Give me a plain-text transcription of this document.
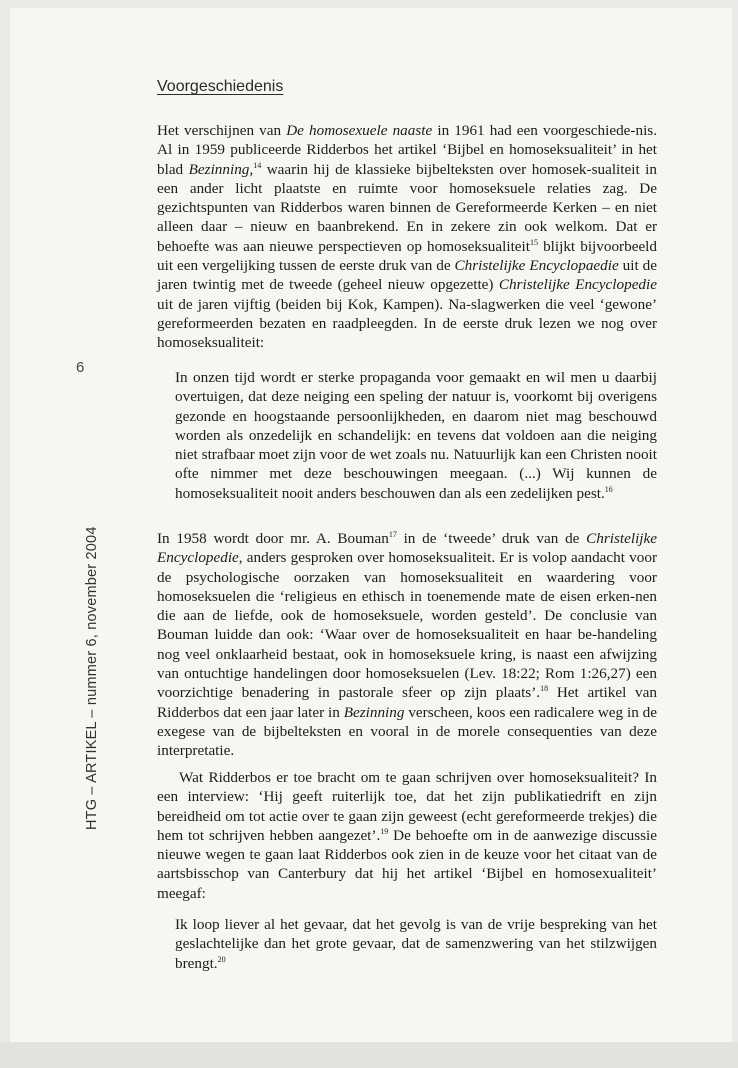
Voorgeschiedenis

Het verschijnen van De homosexuele naaste in 1961 had een voorgeschiede-nis. Al in 1959 publiceerde Ridderbos het artikel ‘Bijbel en homoseksualiteit’ in het blad Bezinning,$^{14}$ waarin hij de klassieke bijbelteksten over homosek-sualiteit in een ander licht plaatste en ruimte voor homoseksuele relaties zag. De gezichtspunten van Ridderbos waren binnen de Gereformeerde Kerken – en niet alleen daar – nieuw en baanbrekend. En in zekere zin ook welkom. Dat er behoefte was aan nieuwe perspectieven op homoseksualiteit$^{15}$ blijkt bijvoorbeeld uit een vergelijking tussen de eerste druk van de Christelijke Encyclopaedie uit de jaren twintig met de tweede (geheel nieuw opgezette) Christelijke Encyclopedie uit de jaren vijftig (beiden bij Kok, Kampen). Na-slagwerken die veel ‘gewone’ gereformeerden bezaten en raadpleegden. In de eerste druk lezen we nog over homoseksualiteit:

In onzen tijd wordt er sterke propaganda voor gemaakt en wil men u daarbij overtuigen, dat deze neiging een speling der natuur is, voorkomt bij overigens gezonde en hoogstaande persoonlijkheden, en daarom niet mag beschouwd worden als onzedelijk en schandelijk: en tevens dat voldoen aan die neiging niet strafbaar moet zijn voor de wet zoals nu. Natuurlijk kan een Christen nooit ofte nimmer met deze beschouwingen meegaan. (...) Wij kunnen de homoseksualiteit nooit anders beschouwen dan als een zedelijken pest.$^{16}$

In 1958 wordt door mr. A. Bouman$^{17}$ in de ‘tweede’ druk van de Christelijke Encyclopedie, anders gesproken over homoseksualiteit. Er is volop aandacht voor de psychologische oorzaken van homoseksualiteit en waardering voor homoseksuelen die ‘religieus en ethisch in toenemende mate de eisen erken-nen die aan de liefde, ook de homoseksuele, worden gesteld’. De conclusie van Bouman luidde dan ook: ‘Waar over de homoseksualiteit en haar be-handeling nog veel onklaarheid bestaat, ook in homoseksuele kring, is naast een afwijzing van ontuchtige handelingen door homoseksuelen (Lev. 18:22; Rom 1:26,27) een voorzichtige benadering in pastorale sfeer op zijn plaats’.$^{18}$ Het artikel van Ridderbos dat een jaar later in Bezinning verscheen, koos een radicalere weg in de exegese van de bijbelteksten en vooral in de morele consequenties van deze interpretatie.

Wat Ridderbos er toe bracht om te gaan schrijven over homoseksualiteit? In een interview: ‘Hij geeft ruiterlijk toe, dat het zijn publikatiedrift en zijn bereidheid om tot actie over te gaan zijn geweest (echt gereformeerde trekjes) die hem tot schrijven hebben aangezet’.$^{19}$ De behoefte om in de aanwezige discussie nieuwe wegen te gaan laat Ridderbos ook zien in de keuze voor het citaat van de aartsbisschop van Canterbury dat hij het artikel ‘Bijbel en homosexualiteit’ meegaf:

Ik loop liever al het gevaar, dat het gevolg is van de vrije bespreking van het geslachtelijke dan het grote gevaar, dat de samenzwering van het stilzwijgen brengt.$^{20}$

6
HTG – ARTIKEL – nummer 6, november 2004
